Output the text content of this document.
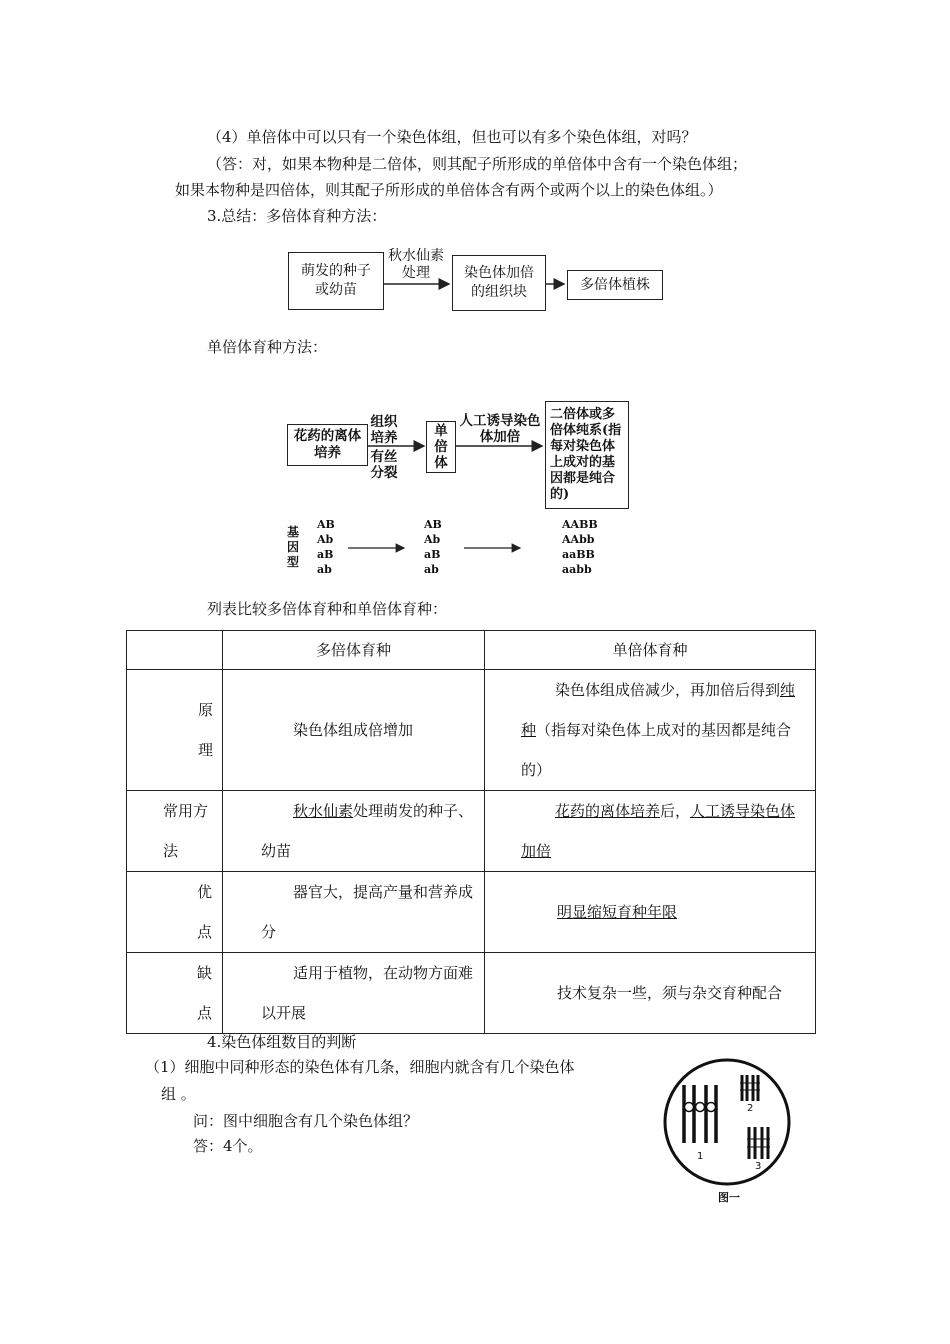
（4）单倍体中可以只有一个染色体组，但也可以有多个染色体组，对吗？
（答：对，如果本物种是二倍体，则其配子所形成的单倍体中含有一个染色体组；
如果本物种是四倍体，则其配子所形成的单倍体含有两个或两个以上的染色体组。）
3.总结：多倍体育种方法：
萌发的种子或幼苗
秋水仙素处理	染色体加倍的组织块	多倍体植株
单倍体育种方法：
花药的离体培养
组织培养
有丝分裂
单倍体
人工诱导染色体加倍
二倍体或多倍体纯系(指每对染色体上成对的基因都是纯合的)
基因型
AB
Ab
aB
ab
AB
Ab
aB
ab
AABB
AAbb
aaBB
aabb
列表比较多倍体育种和单倍体育种：
	多倍体育种	单倍体育种

原理	染色体组成倍增加	染色体组成倍减少，再加倍后得到纯种（指每对染色体上成对的基因都是纯合的）
常用方法	秋水仙素处理萌发的种子、幼苗	花药的离体培养后，人工诱导染色体加倍

优点	器官大，提高产量和营养成分	明显缩短育种年限

缺点	适用于植物，在动物方面难以开展	技术复杂一些，须与杂交育种配合
4.染色体组数目的判断
（1）细胞中同种形态的染色体有几条，细胞内就含有几个染色体
组 。
问：图中细胞含有几个染色体组？
答：4个。
1
2
3
图一
